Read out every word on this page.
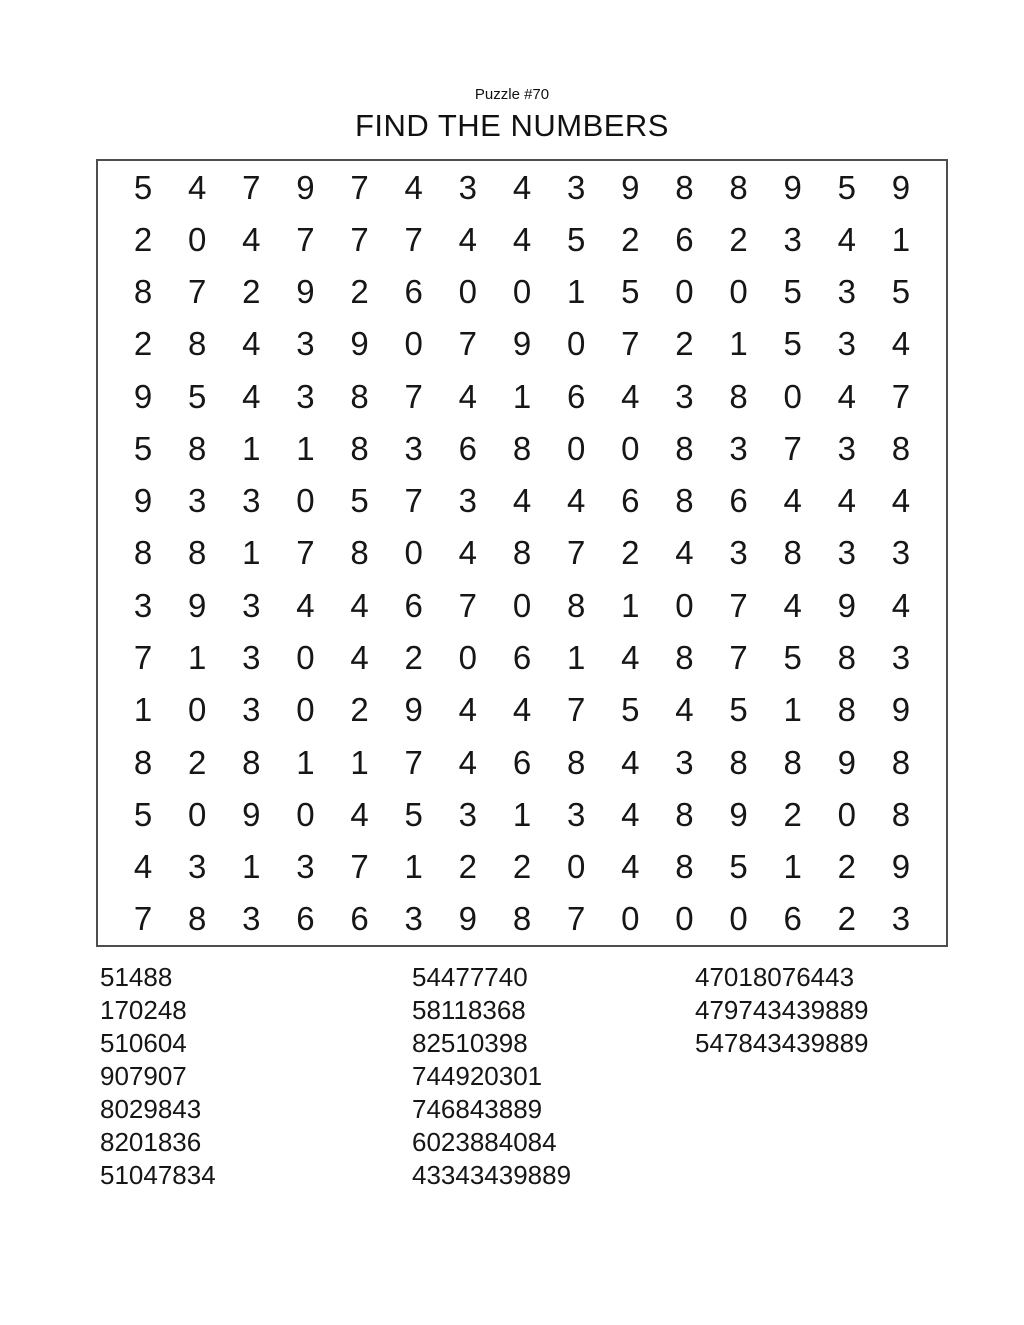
Puzzle #70
FIND THE NUMBERS
5	4	7	9	7	4	3	4	3	9	8	8	9	5	9
2	0	4	7	7	7	4	4	5	2	6	2	3	4	1
8	7	2	9	2	6	0	0	1	5	0	0	5	3	5
2	8	4	3	9	0	7	9	0	7	2	1	5	3	4
9	5	4	3	8	7	4	1	6	4	3	8	0	4	7
5	8	1	1	8	3	6	8	0	0	8	3	7	3	8
9	3	3	0	5	7	3	4	4	6	8	6	4	4	4
8	8	1	7	8	0	4	8	7	2	4	3	8	3	3
3	9	3	4	4	6	7	0	8	1	0	7	4	9	4
7	1	3	0	4	2	0	6	1	4	8	7	5	8	3
1	0	3	0	2	9	4	4	7	5	4	5	1	8	9
8	2	8	1	1	7	4	6	8	4	3	8	8	9	8
5	0	9	0	4	5	3	1	3	4	8	9	2	0	8
4	3	1	3	7	1	2	2	0	4	8	5	1	2	9
7	8	3	6	6	3	9	8	7	0	0	0	6	2	3
51488
170248
510604
907907
8029843
8201836
51047834
54477740
58118368
82510398
744920301
746843889
6023884084
43343439889
47018076443
479743439889
547843439889
